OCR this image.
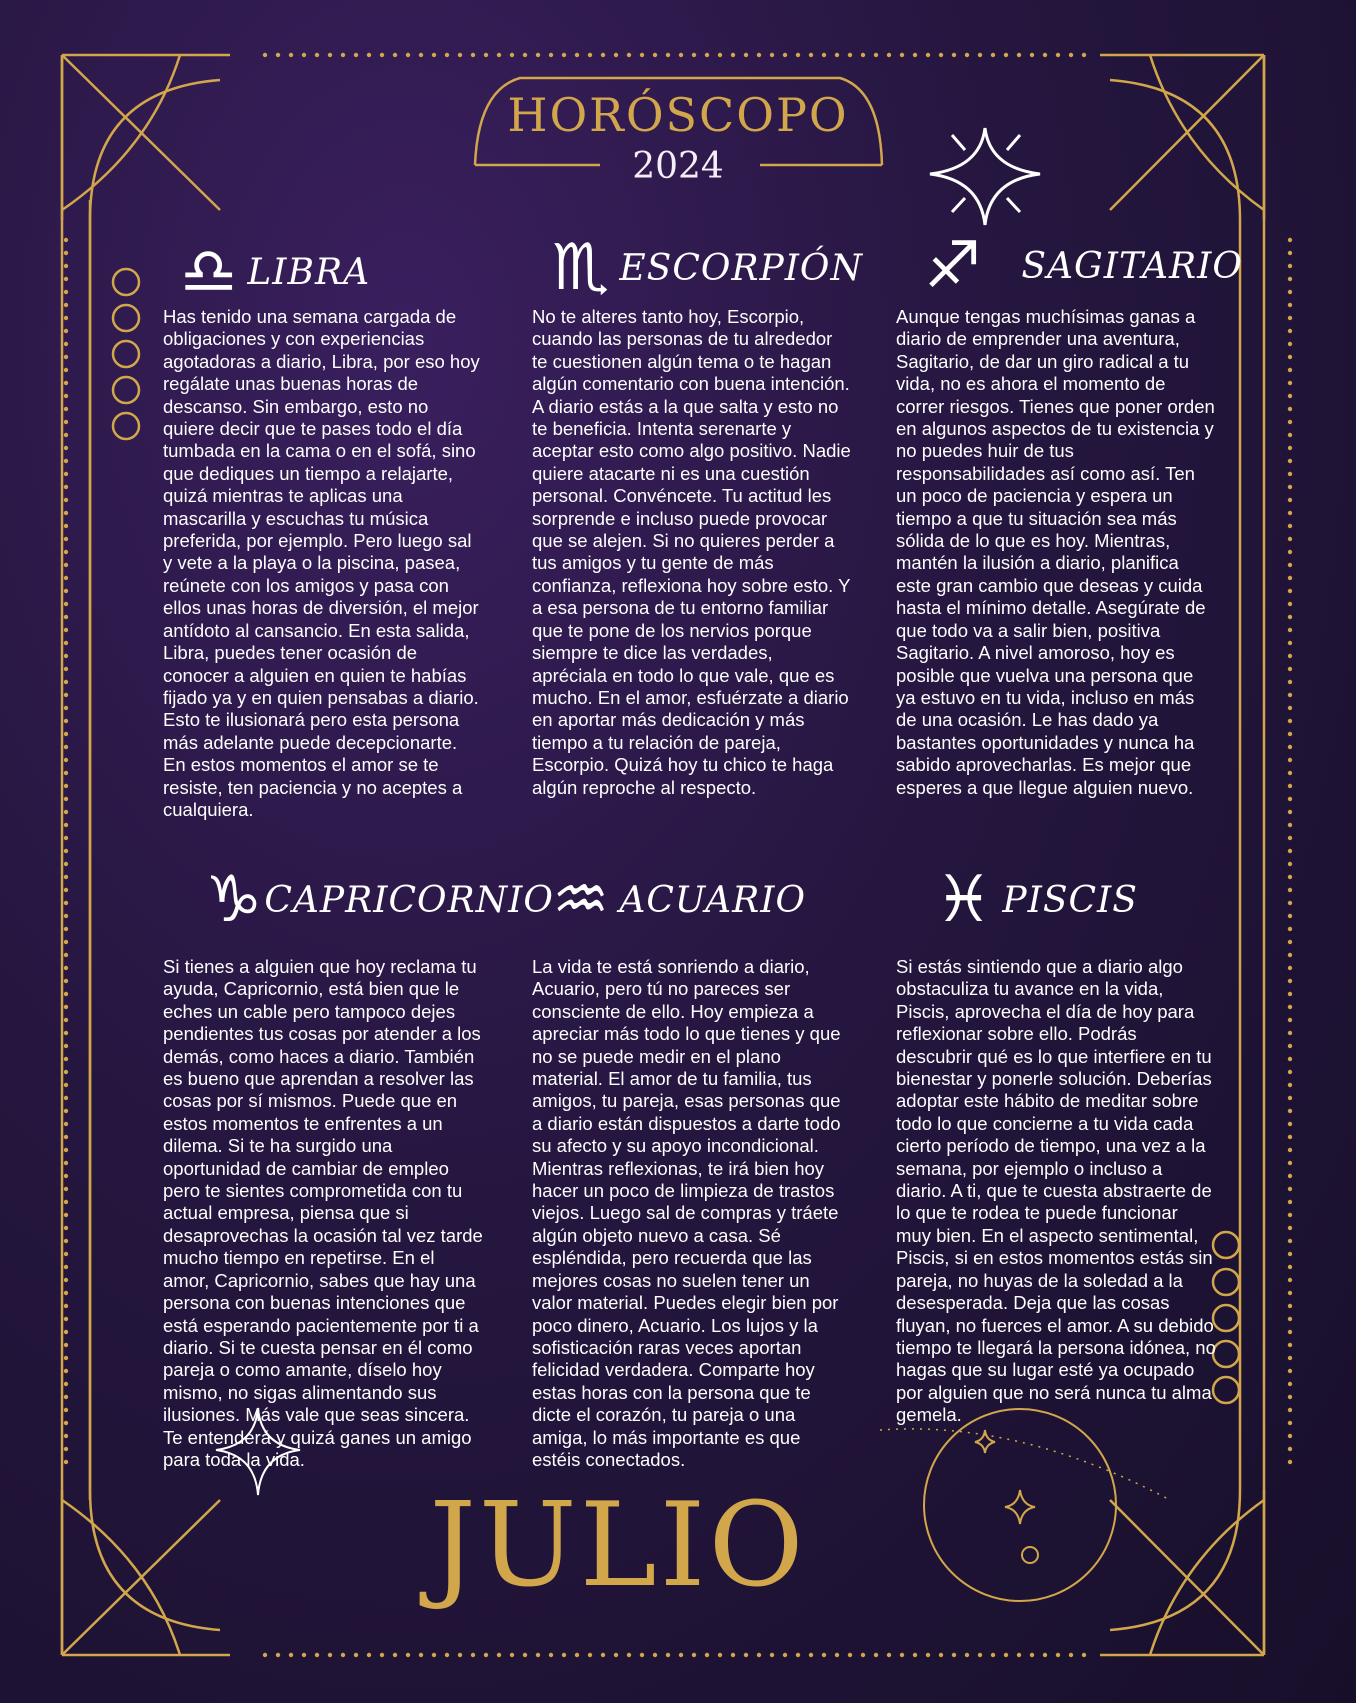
HORÓSCOPO
2024
♎ LIBRA
Has tenido una semana cargada de obligaciones y con experiencias agotadoras a diario, Libra, por eso hoy regálate unas buenas horas de descanso. Sin embargo, esto no quiere decir que te pases todo el día tumbada en la cama o en el sofá, sino que dediques un tiempo a relajarte, quizá mientras te aplicas una mascarilla y escuchas tu música preferida, por ejemplo. Pero luego sal y vete a la playa o la piscina, pasea, reúnete con los amigos y pasa con ellos unas horas de diversión, el mejor antídoto al cansancio. En esta salida, Libra, puedes tener ocasión de conocer a alguien en quien te habías fijado ya y en quien pensabas a diario. Esto te ilusionará pero esta persona más adelante puede decepcionarte. En estos momentos el amor se te resiste, ten paciencia y no aceptes a cualquiera.
♏ ESCORPIÓN
No te alteres tanto hoy, Escorpio, cuando las personas de tu alrededor te cuestionen algún tema o te hagan algún comentario con buena intención. A diario estás a la que salta y esto no te beneficia. Intenta serenarte y aceptar esto como algo positivo. Nadie quiere atacarte ni es una cuestión personal. Convéncete. Tu actitud les sorprende e incluso puede provocar que se alejen. Si no quieres perder a tus amigos y tu gente de más confianza, reflexiona hoy sobre esto. Y a esa persona de tu entorno familiar que te pone de los nervios porque siempre te dice las verdades, apréciala en todo lo que vale, que es mucho. En el amor, esfuérzate a diario en aportar más dedicación y más tiempo a tu relación de pareja, Escorpio. Quizá hoy tu chico te haga algún reproche al respecto.
♐ SAGITARIO
Aunque tengas muchísimas ganas a diario de emprender una aventura, Sagitario, de dar un giro radical a tu vida, no es ahora el momento de correr riesgos. Tienes que poner orden en algunos aspectos de tu existencia y no puedes huir de tus responsabilidades así como así. Ten un poco de paciencia y espera un tiempo a que tu situación sea más sólida de lo que es hoy. Mientras, mantén la ilusión a diario, planifica este gran cambio que deseas y cuida hasta el mínimo detalle. Asegúrate de que todo va a salir bien, positiva Sagitario. A nivel amoroso, hoy es posible que vuelva una persona que ya estuvo en tu vida, incluso en más de una ocasión. Le has dado ya bastantes oportunidades y nunca ha sabido aprovecharlas. Es mejor que esperes a que llegue alguien nuevo.
♑ CAPRICORNIO
Si tienes a alguien que hoy reclama tu ayuda, Capricornio, está bien que le eches un cable pero tampoco dejes pendientes tus cosas por atender a los demás, como haces a diario. También es bueno que aprendan a resolver las cosas por sí mismos. Puede que en estos momentos te enfrentes a un dilema. Si te ha surgido una oportunidad de cambiar de empleo pero te sientes comprometida con tu actual empresa, piensa que si desaprovechas la ocasión tal vez tarde mucho tiempo en repetirse. En el amor, Capricornio, sabes que hay una persona con buenas intenciones que está esperando pacientemente por ti a diario. Si te cuesta pensar en él como pareja o como amante, díselo hoy mismo, no sigas alimentando sus ilusiones. Más vale que seas sincera. Te entenderá y quizá ganes un amigo para toda la vida.
♒ ACUARIO
La vida te está sonriendo a diario, Acuario, pero tú no pareces ser consciente de ello. Hoy empieza a apreciar más todo lo que tienes y que no se puede medir en el plano material. El amor de tu familia, tus amigos, tu pareja, esas personas que a diario están dispuestos a darte todo su afecto y su apoyo incondicional. Mientras reflexionas, te irá bien hoy hacer un poco de limpieza de trastos viejos. Luego sal de compras y tráete algún objeto nuevo a casa. Sé espléndida, pero recuerda que las mejores cosas no suelen tener un valor material. Puedes elegir bien por poco dinero, Acuario. Los lujos y la sofisticación raras veces aportan felicidad verdadera. Comparte hoy estas horas con la persona que te dicte el corazón, tu pareja o una amiga, lo más importante es que estéis conectados.
♓ PISCIS
Si estás sintiendo que a diario algo obstaculiza tu avance en la vida, Piscis, aprovecha el día de hoy para reflexionar sobre ello. Podrás descubrir qué es lo que interfiere en tu bienestar y ponerle solución. Deberías adoptar este hábito de meditar sobre todo lo que concierne a tu vida cada cierto período de tiempo, una vez a la semana, por ejemplo o incluso a diario. A ti, que te cuesta abstraerte de lo que te rodea te puede funcionar muy bien. En el aspecto sentimental, Piscis, si en estos momentos estás sin pareja, no huyas de la soledad a la desesperada. Deja que las cosas fluyan, no fuerces el amor. A su debido tiempo te llegará la persona idónea, no hagas que su lugar esté ya ocupado por alguien que no será nunca tu alma gemela.
JULIO
